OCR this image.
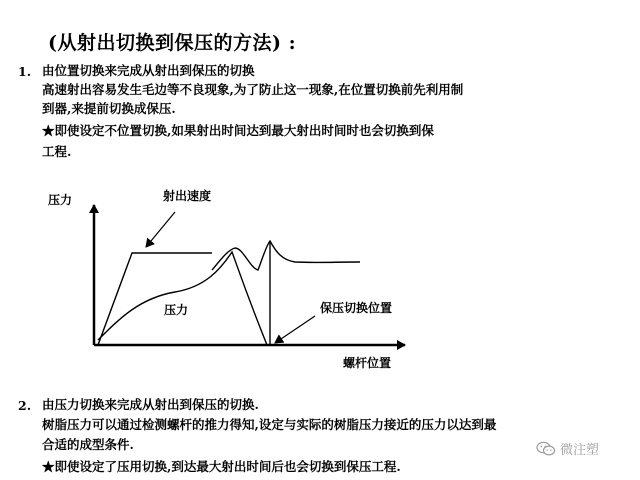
(从射出切换到保压的方法) :
1. 由位置切换来完成从射出到保压的切换
高速射出容易发生毛边等不良现象,为了防止这一现象,在位置切换前先利用制
到器,来提前切换成保压.
★即使设定不位置切换,如果射出时间达到最大射出时间时也会切换到保
工程.
压力	射出速度
压力	保压切换位置
螺杆位置
2. 由压力切换来完成从射出到保压的切换.
树脂压力可以通过检测螺杆的推力得知,设定与实际的树脂压力接近的压力以达到最
合适的成型条件.
★即使设定了压用切换,到达最大射出时间后也会切换到保压工程.
微注塑
